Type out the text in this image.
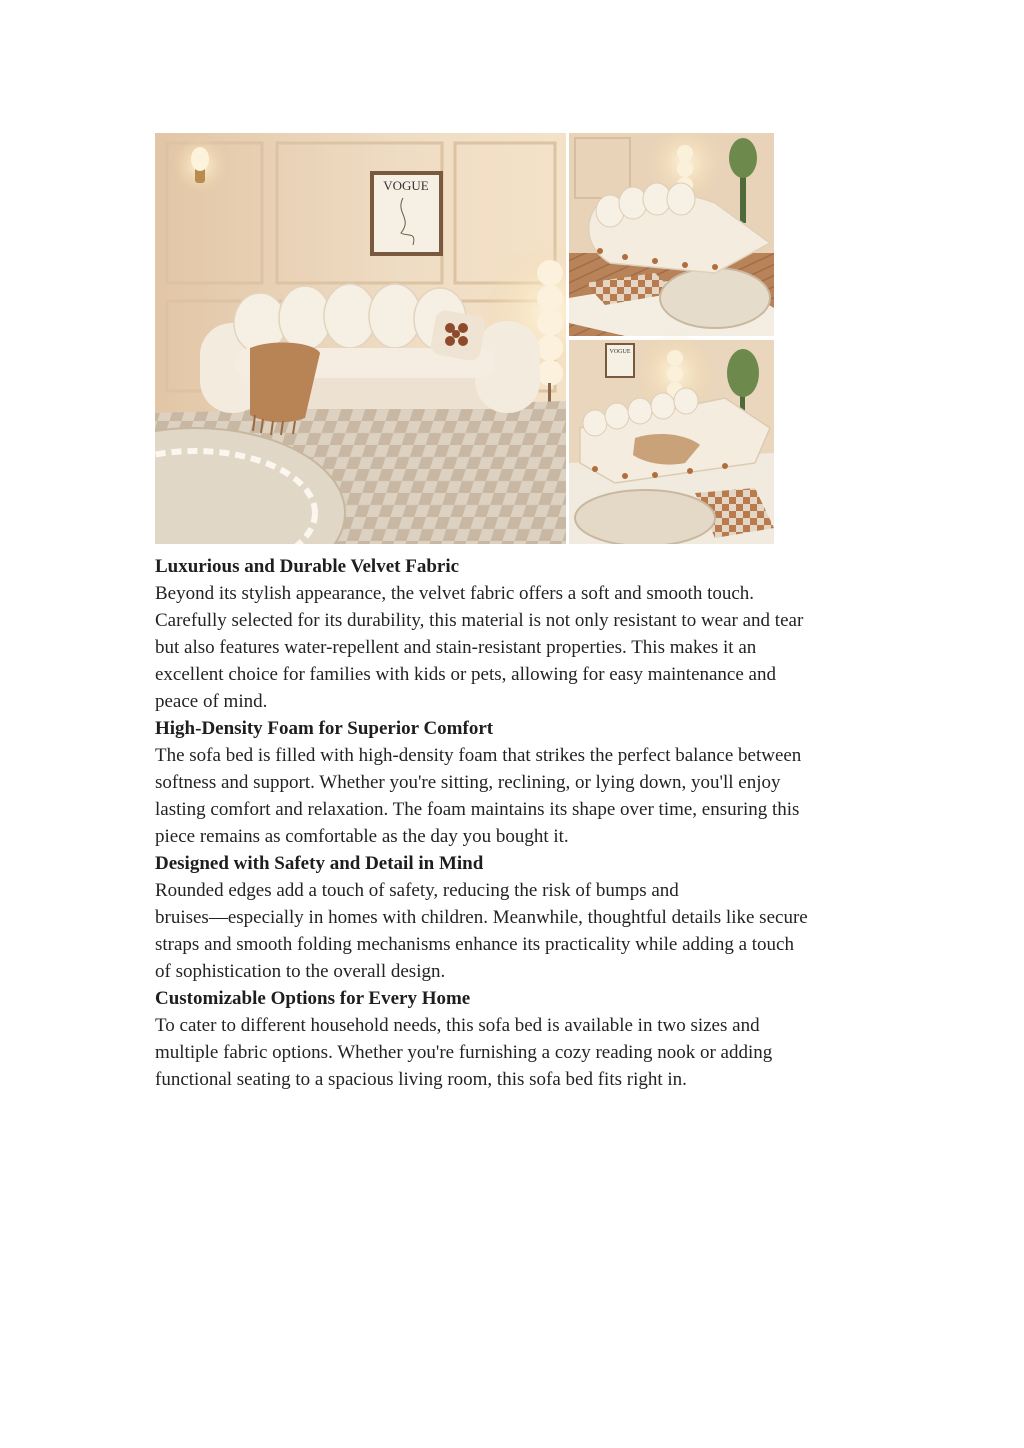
VOGUE
VOGUE
Luxurious and Durable Velvet Fabric

Beyond its stylish appearance, the velvet fabric offers a soft and smooth touch.
Carefully selected for its durability, this material is not only resistant to wear and tear
but also features water-repellent and stain-resistant properties. This makes it an
excellent choice for families with kids or pets, allowing for easy maintenance and
peace of mind.

High-Density Foam for Superior Comfort

The sofa bed is filled with high-density foam that strikes the perfect balance between
softness and support. Whether you're sitting, reclining, or lying down, you'll enjoy
lasting comfort and relaxation. The foam maintains its shape over time, ensuring this
piece remains as comfortable as the day you bought it.

Designed with Safety and Detail in Mind

Rounded edges add a touch of safety, reducing the risk of bumps and
bruises—especially in homes with children. Meanwhile, thoughtful details like secure
straps and smooth folding mechanisms enhance its practicality while adding a touch
of sophistication to the overall design.

Customizable Options for Every Home

To cater to different household needs, this sofa bed is available in two sizes and
multiple fabric options. Whether you're furnishing a cozy reading nook or adding
functional seating to a spacious living room, this sofa bed fits right in.
